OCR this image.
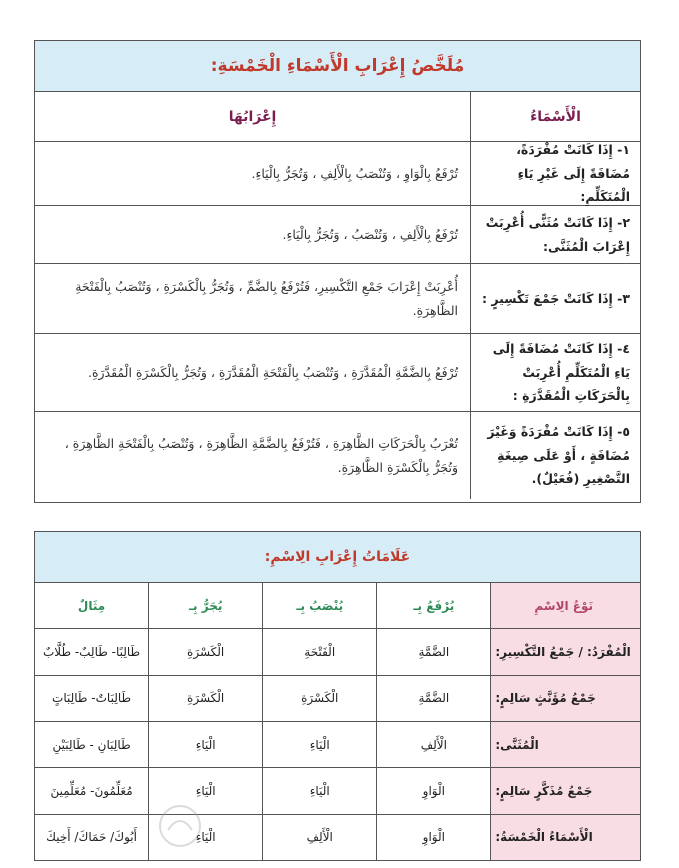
مُلَخَّصُ إِعْرَابِ الْأَسْمَاءِ الْخَمْسَةِ:
الْأَسْمَاءُ
إِعْرَابُهَا
١- إِذَا كَانَتْ مُفْرَدَةً، مُضَافَةً إِلَى غَيْرِ يَاءِ الْمُتَكَلِّمِ:
تُرْفَعُ بِالْوَاوِ ، وَتُنْصَبُ بِالْأَلِفِ ، وَتُجَرُّ بِالْيَاءِ.
٢- إِذَا كَانَتْ مُثَنًّى أُعْرِبَتْ إِعْرَابَ الْمُثَنَّى:
تُرْفَعُ بِالْأَلِفِ ، وَتُنْصَبُ ، وَتُجَرُّ بِالْيَاءِ.
٣- إِذَا كَانَتْ جَمْعَ تَكْسِيرٍ :
أُعْرِبَتْ إِعْرَابَ جَمْعِ التَّكْسِيرِ، فَتُرْفَعُ بِالضَّمِّ ، وَتُجَرُّ بِالْكَسْرَةِ ، وَتُنْصَبُ بِالْفَتْحَةِ الظَّاهِرَةِ.
٤- إِذَا كَانَتْ مُضَافَةً إِلَى يَاءِ الْمُتَكَلِّمِ أُعْرِبَتْ بِالْحَرَكَاتِ الْمُقَدَّرَةِ :
تُرْفَعُ بِالضَّمَّةِ الْمُقَدَّرَةِ ، وَتُنْصَبُ بِالْفَتْحَةِ الْمُقَدَّرَةِ ، وَتُجَرُّ بِالْكَسْرَةِ الْمُقَدَّرَةِ.
٥- إِذَا كَانَتْ مُفْرَدَةً وَغَيْرَ مُضَافَةٍ ، أَوْ عَلَى صِيغَةِ التَّصْغِيرِ (فُعَيْلٌ).
تُعْرَبُ بِالْحَرَكَاتِ الظَّاهِرَةِ ، فَتُرْفَعُ بِالضَّمَّةِ الظَّاهِرَةِ ، وَتُنْصَبُ بِالْفَتْحَةِ الظَّاهِرَةِ ، وَتُجَرُّ بِالْكَسْرَةِ الظَّاهِرَةِ.
عَلَامَاتُ إِعْرَابِ الِاسْمِ:
نَوْعُ الِاسْمِ
يُرْفَعُ بِـ
يُنْصَبُ بِـ
يُجَرُّ بِـ
مِثَالٌ
الْمُفْرَدُ: / جَمْعُ التَّكْسِيرِ:
الضَّمَّةِ
الْفَتْحَةِ
الْكَسْرَةِ
طَالِبًا- طَالِبٌ- طُلَّابٌ
جَمْعُ مُؤَنَّثٍ سَالِمٍ:
الضَّمَّةِ
الْكَسْرَةِ
الْكَسْرَةِ
طَالِبَاتٌ- طَالِبَاتٍ
الْمُثَنَّى:
الْأَلِفِ
الْيَاءِ
الْيَاءِ
طَالِبَانِ - طَالِبَيْنِ
جَمْعُ مُذَكَّرٍ سَالِمٍ:
الْوَاوِ
الْيَاءِ
الْيَاءِ
مُعَلِّمُونَ- مُعَلِّمِينَ
الْأَسْمَاءُ الْخَمْسَةُ:
الْوَاوِ
الْأَلِفِ
الْيَاءِ
أَبُوكَ/ حَمَاكَ/ أَخِيكَ
